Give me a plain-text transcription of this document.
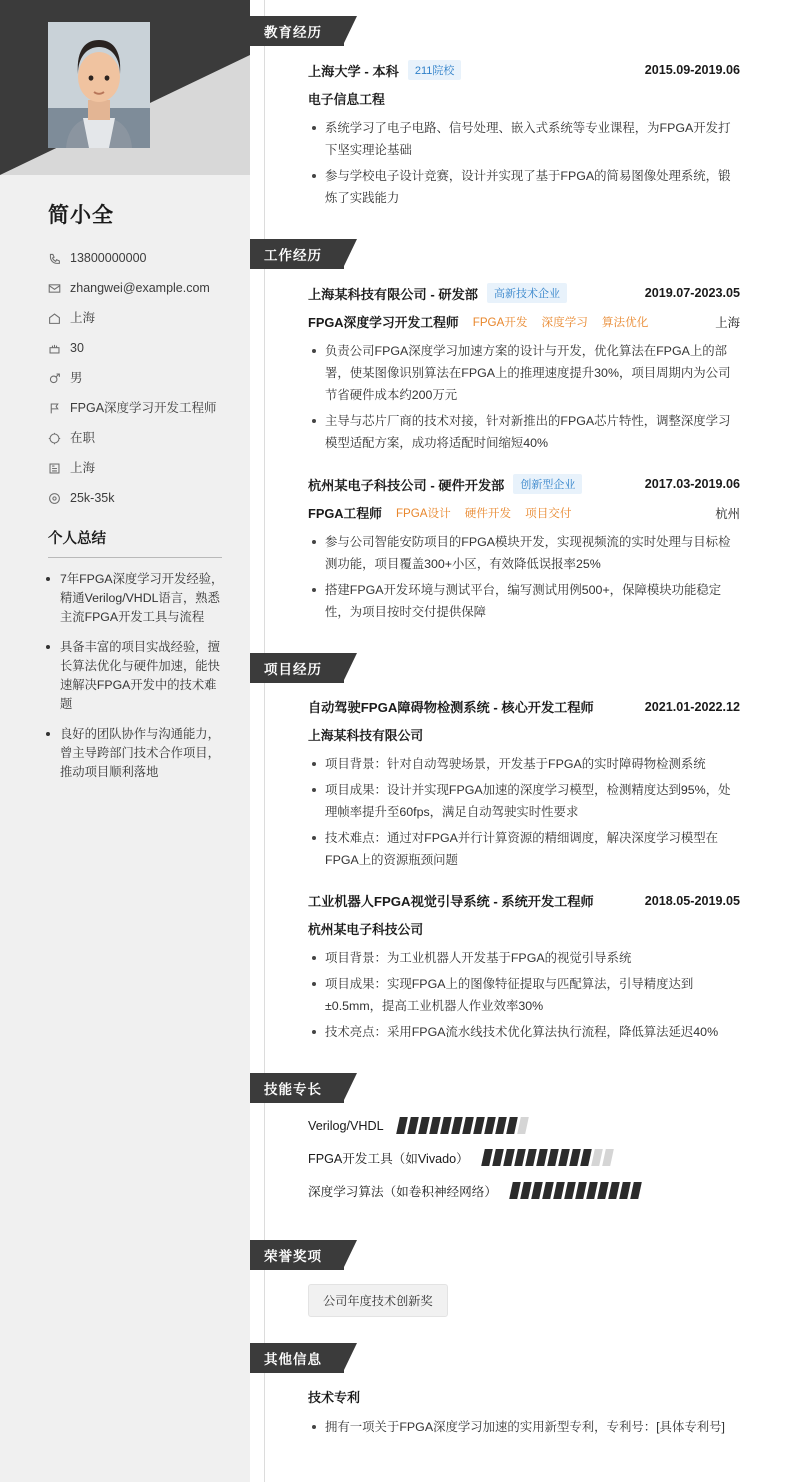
简小全
13800000000
zhangwei@example.com
上海
30
男
FPGA深度学习开发工程师
在职
上海
25k-35k
个人总结
7年FPGA深度学习开发经验，精通Verilog/VHDL语言，熟悉主流FPGA开发工具与流程
具备丰富的项目实战经验，擅长算法优化与硬件加速，能快速解决FPGA开发中的技术难题
良好的团队协作与沟通能力，曾主导跨部门技术合作项目，推动项目顺利落地
教育经历
上海大学 - 本科	211院校	2015.09-2019.06
电子信息工程
系统学习了电子电路、信号处理、嵌入式系统等专业课程，为FPGA开发打下坚实理论基础
参与学校电子设计竞赛，设计并实现了基于FPGA的简易图像处理系统，锻炼了实践能力
工作经历
上海某科技有限公司 - 研发部	高新技术企业	2019.07-2023.05
FPGA深度学习开发工程师 FPGA开发 深度学习 算法优化	上海
负责公司FPGA深度学习加速方案的设计与开发，优化算法在FPGA上的部署，使某图像识别算法在FPGA上的推理速度提升30%，项目周期内为公司节省硬件成本约200万元
主导与芯片厂商的技术对接，针对新推出的FPGA芯片特性，调整深度学习模型适配方案，成功将适配时间缩短40%
杭州某电子科技公司 - 硬件开发部	创新型企业	2017.03-2019.06
FPGA工程师 FPGA设计 硬件开发 项目交付	杭州
参与公司智能安防项目的FPGA模块开发，实现视频流的实时处理与目标检测功能，项目覆盖300+小区，有效降低误报率25%
搭建FPGA开发环境与测试平台，编写测试用例500+，保障模块功能稳定性，为项目按时交付提供保障
项目经历
自动驾驶FPGA障碍物检测系统 - 核心开发工程师	2021.01-2022.12
上海某科技有限公司
项目背景：针对自动驾驶场景，开发基于FPGA的实时障碍物检测系统
项目成果：设计并实现FPGA加速的深度学习模型，检测精度达到95%，处理帧率提升至60fps，满足自动驾驶实时性要求
技术难点：通过对FPGA并行计算资源的精细调度，解决深度学习模型在FPGA上的资源瓶颈问题
工业机器人FPGA视觉引导系统 - 系统开发工程师	2018.05-2019.05
杭州某电子科技公司
项目背景：为工业机器人开发基于FPGA的视觉引导系统
项目成果：实现FPGA上的图像特征提取与匹配算法，引导精度达到±0.5mm，提高工业机器人作业效率30%
技术亮点：采用FPGA流水线技术优化算法执行流程，降低算法延迟40%
技能专长
Verilog/VHDL
FPGA开发工具（如Vivado）
深度学习算法（如卷积神经网络）
荣誉奖项
公司年度技术创新奖
其他信息
技术专利
拥有一项关于FPGA深度学习加速的实用新型专利，专利号：[具体专利号]
